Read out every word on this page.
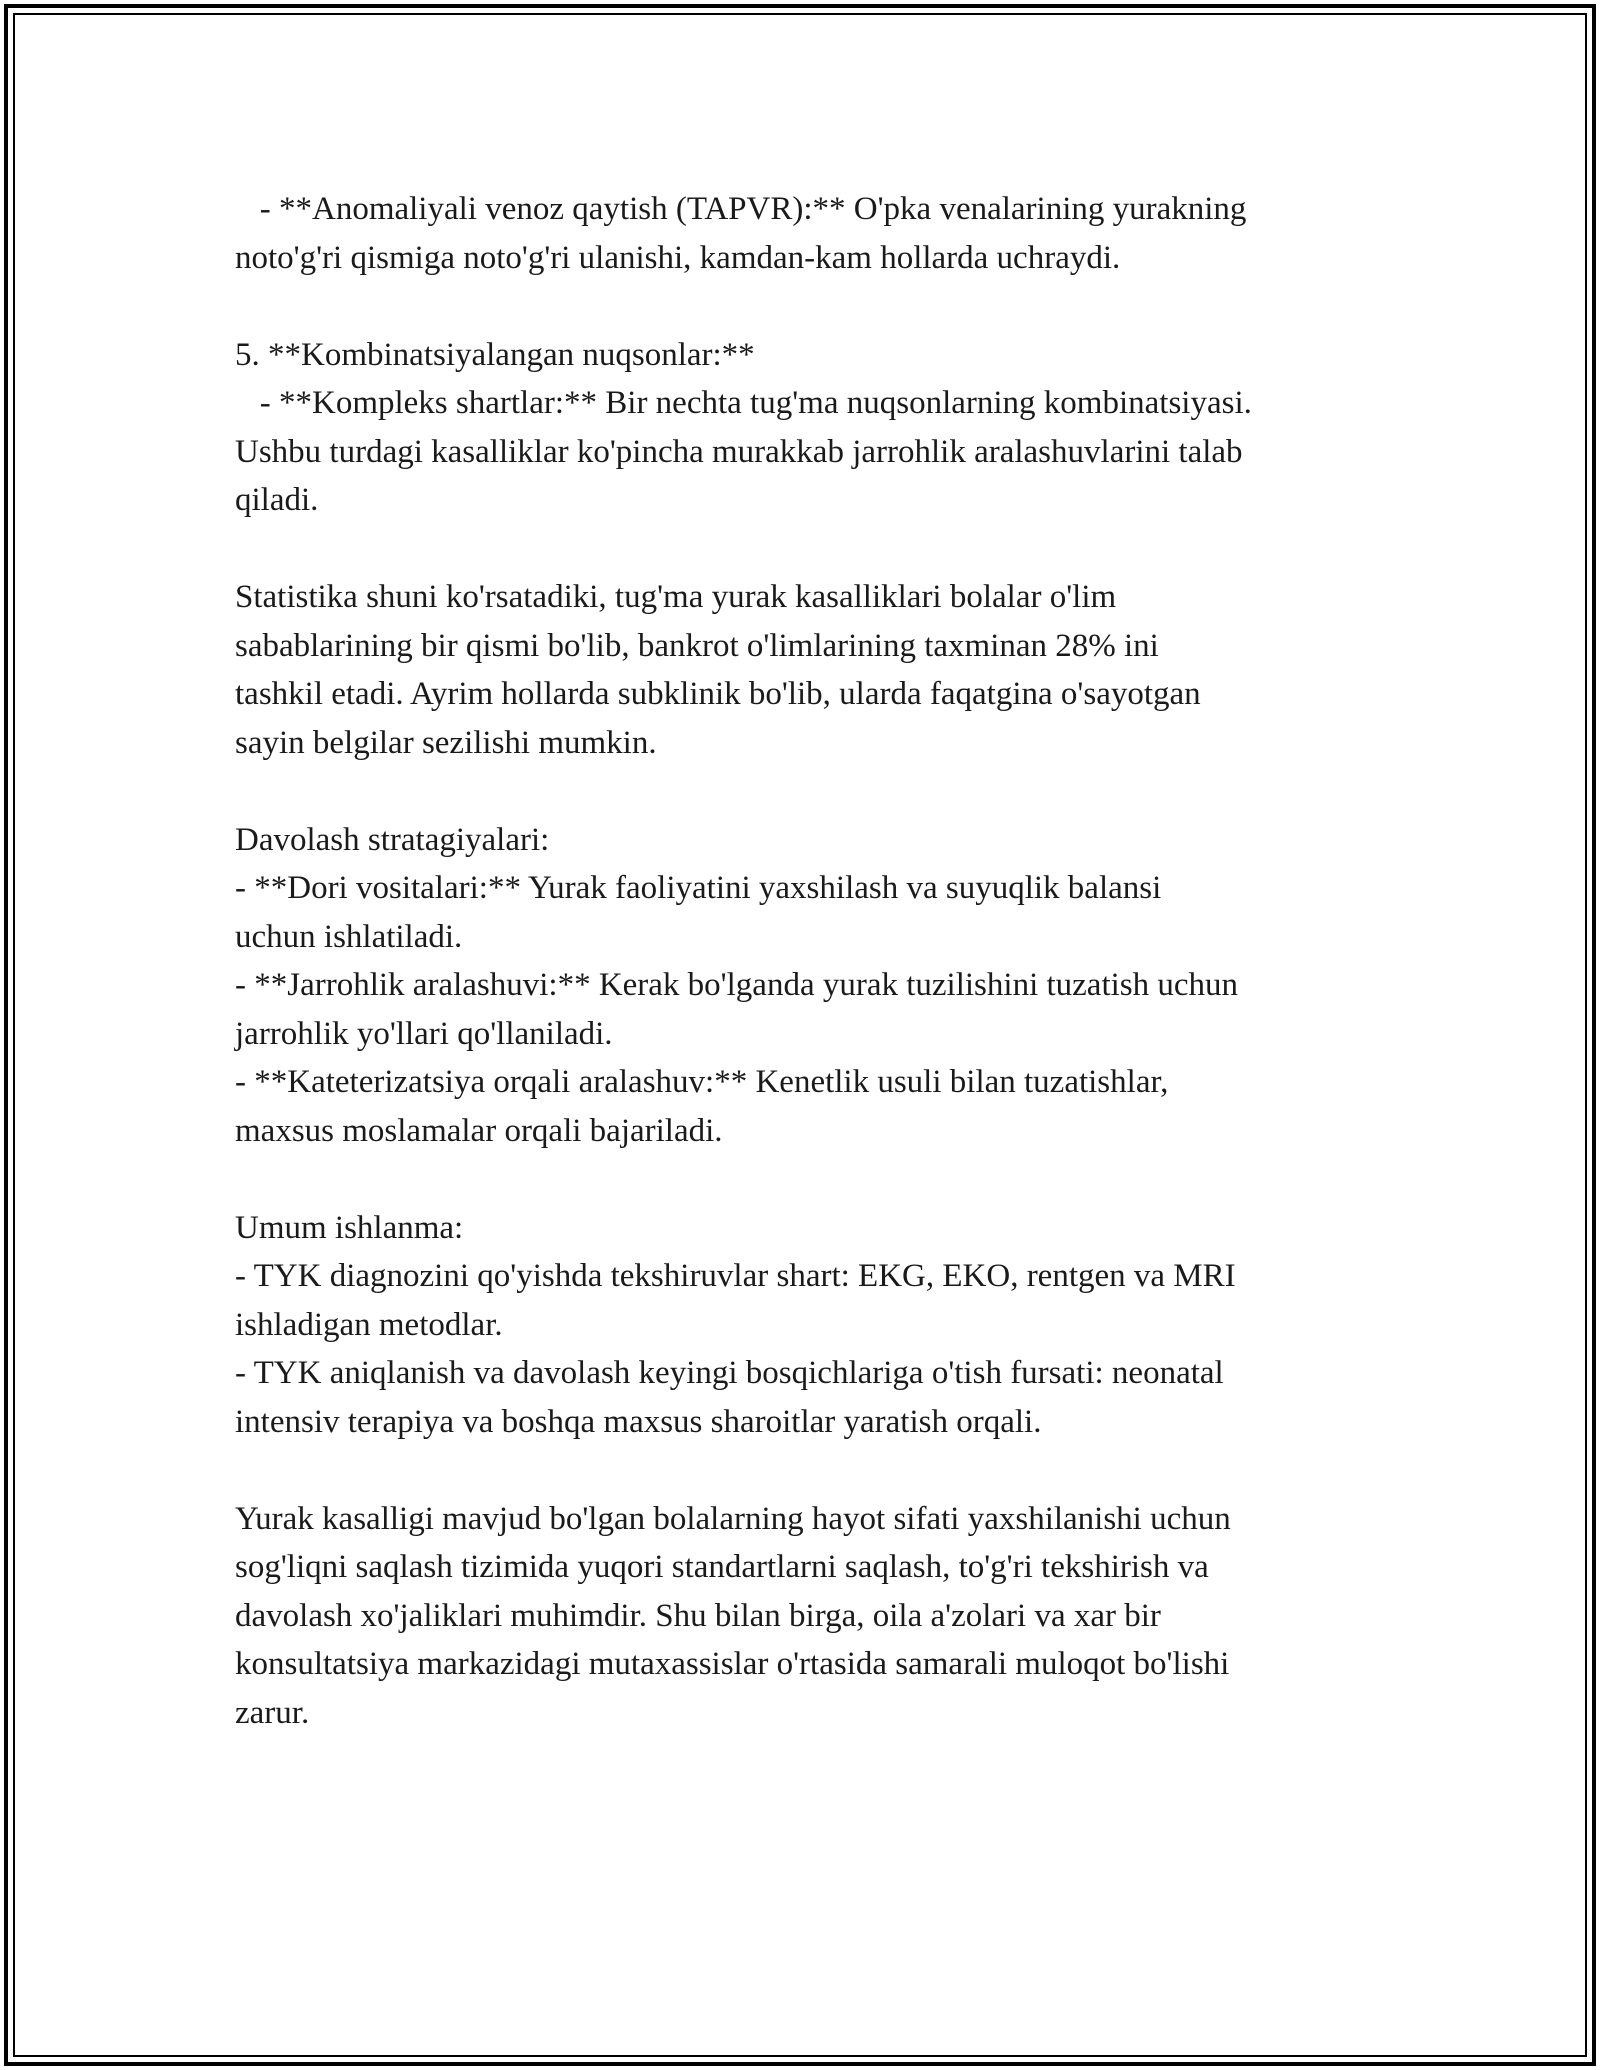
- **Anomaliyali venoz qaytish (TAPVR):** O'pka venalarining yurakning
noto'g'ri qismiga noto'g'ri ulanishi, kamdan-kam hollarda uchraydi.
5. **Kombinatsiyalangan nuqsonlar:**
- **Kompleks shartlar:** Bir nechta tug'ma nuqsonlarning kombinatsiyasi.
Ushbu turdagi kasalliklar ko'pincha murakkab jarrohlik aralashuvlarini talab
qiladi.
Statistika shuni ko'rsatadiki, tug'ma yurak kasalliklari bolalar o'lim
sabablarining bir qismi bo'lib, bankrot o'limlarining taxminan 28% ini
tashkil etadi. Ayrim hollarda subklinik bo'lib, ularda faqatgina o'sayotgan
sayin belgilar sezilishi mumkin.
Davolash stratagiyalari:
- **Dori vositalari:** Yurak faoliyatini yaxshilash va suyuqlik balansi
uchun ishlatiladi.
- **Jarrohlik aralashuvi:** Kerak bo'lganda yurak tuzilishini tuzatish uchun
jarrohlik yo'llari qo'llaniladi.
- **Kateterizatsiya orqali aralashuv:** Kenetlik usuli bilan tuzatishlar,
maxsus moslamalar orqali bajariladi.
Umum ishlanma:
- TYK diagnozini qo'yishda tekshiruvlar shart: EKG, EKO, rentgen va MRI
ishladigan metodlar.
- TYK aniqlanish va davolash keyingi bosqichlariga o'tish fursati: neonatal
intensiv terapiya va boshqa maxsus sharoitlar yaratish orqali.
Yurak kasalligi mavjud bo'lgan bolalarning hayot sifati yaxshilanishi uchun
sog'liqni saqlash tizimida yuqori standartlarni saqlash, to'g'ri tekshirish va
davolash xo'jaliklari muhimdir. Shu bilan birga, oila a'zolari va xar bir
konsultatsiya markazidagi mutaxassislar o'rtasida samarali muloqot bo'lishi
zarur.
